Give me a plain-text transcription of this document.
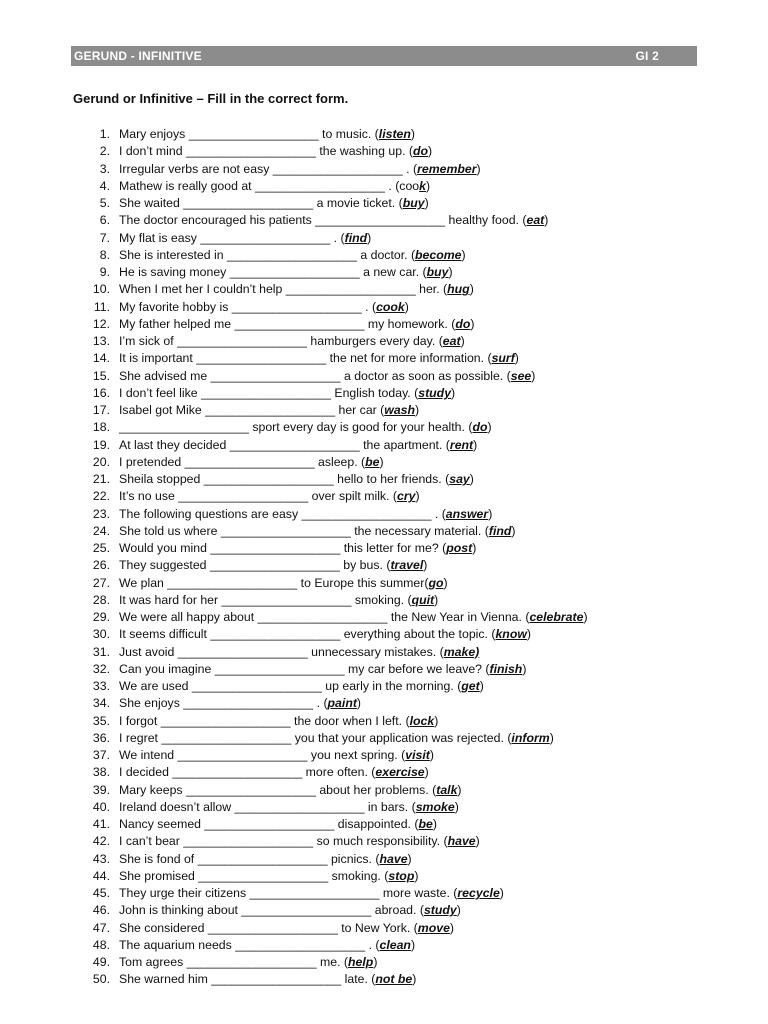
GERUND - INFINITIVE	GI 2
Gerund or Infinitive – Fill in the correct form.
1. Mary enjoys ___________________ to music. (listen)
2. I don’t mind ___________________ the washing up. (do)
3. Irregular verbs are not easy ___________________ . (remember)
4. Mathew is really good at ___________________ . (cook)
5. She waited ___________________ a movie ticket. (buy)
6. The doctor encouraged his patients ___________________ healthy food. (eat)
7. My flat is easy ___________________ . (find)
8. She is interested in ___________________ a doctor. (become)
9. He is saving money ___________________ a new car. (buy)
10. When I met her I couldn’t help ___________________ her. (hug)
11. My favorite hobby is ___________________ . (cook)
12. My father helped me ___________________ my homework. (do)
13. I’m sick of ___________________ hamburgers every day. (eat)
14. It is important ___________________ the net for more information. (surf)
15. She advised me ___________________ a doctor as soon as possible. (see)
16. I don’t feel like ___________________ English today. (study)
17. Isabel got Mike ___________________ her car (wash)
18. ___________________ sport every day is good for your health. (do)
19. At last they decided ___________________ the apartment. (rent)
20. I pretended ___________________ asleep. (be)
21. Sheila stopped ___________________ hello to her friends. (say)
22. It’s no use ___________________ over spilt milk. (cry)
23. The following questions are easy ___________________ . (answer)
24. She told us where ___________________ the necessary material. (find)
25. Would you mind ___________________ this letter for me? (post)
26. They suggested ___________________ by bus. (travel)
27. We plan ___________________ to Europe this summer(go)
28. It was hard for her ___________________ smoking. (quit)
29. We were all happy about ___________________ the New Year in Vienna. (celebrate)
30. It seems difficult ___________________ everything about the topic. (know)
31. Just avoid ___________________ unnecessary mistakes. (make)
32. Can you imagine ___________________ my car before we leave? (finish)
33. We are used ___________________ up early in the morning. (get)
34. She enjoys ___________________ . (paint)
35. I forgot ___________________ the door when I left. (lock)
36. I regret ___________________ you that your application was rejected. (inform)
37. We intend ___________________ you next spring. (visit)
38. I decided ___________________ more often. (exercise)
39. Mary keeps ___________________ about her problems. (talk)
40. Ireland doesn’t allow ___________________ in bars. (smoke)
41. Nancy seemed ___________________ disappointed. (be)
42. I can’t bear ___________________ so much responsibility. (have)
43. She is fond of ___________________ picnics. (have)
44. She promised ___________________ smoking. (stop)
45. They urge their citizens ___________________ more waste. (recycle)
46. John is thinking about ___________________ abroad. (study)
47. She considered ___________________ to New York. (move)
48. The aquarium needs ___________________ . (clean)
49. Tom agrees ___________________ me. (help)
50. She warned him ___________________ late. (not be)
